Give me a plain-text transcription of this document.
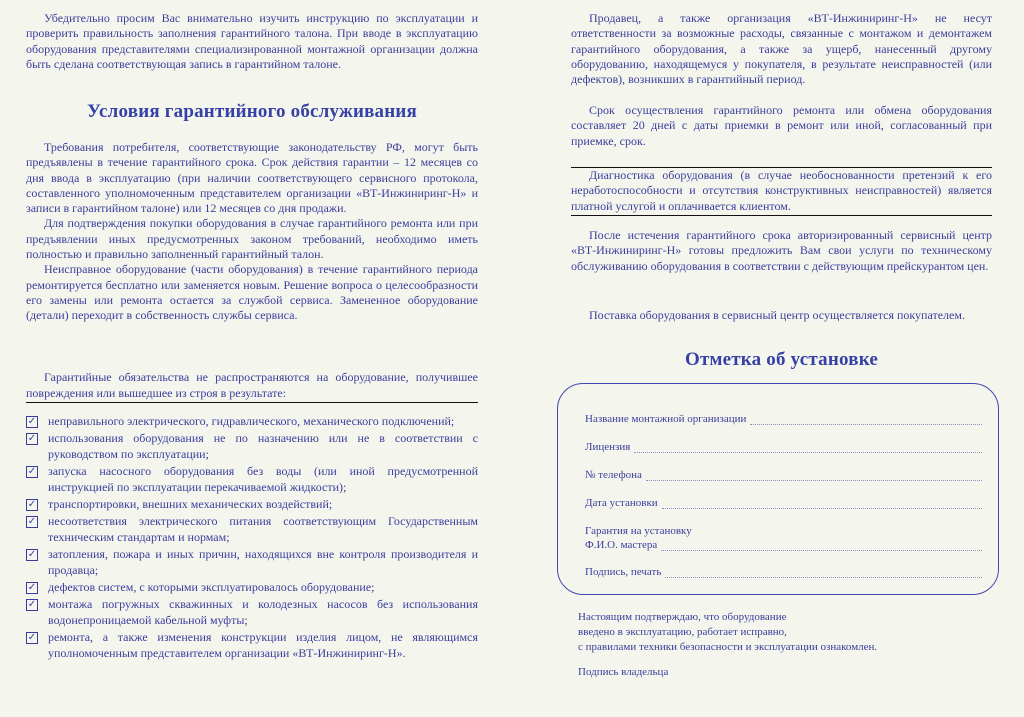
Убедительно просим Вас внимательно изучить инструкцию по эксплуатации и проверить правильность заполнения гарантийного талона. При вводе в эксплуатацию оборудования представителями специализированной монтажной организации должна быть сделана соответствующая запись в гарантийном талоне.

Условия гарантийного обслуживания

Требования потребителя, соответствующие законодательству РФ, могут быть предъявлены в течение гарантийного срока. Срок действия гарантии – 12 месяцев со дня ввода в эксплуатацию (при наличии соответствующего сервисного протокола, составленного уполномоченным представителем организации «ВТ-Инжиниринг-Н» и записи в гарантийном талоне) или 12 месяцев со дня продажи.

Для подтверждения покупки оборудования в случае гарантийного ремонта или при предъявлении иных предусмотренных законом требований, необходимо иметь полностью и правильно заполненный гарантийный талон.

Неисправное оборудование (части оборудования) в течение гарантийного периода ремонтируется бесплатно или заменяется новым. Решение вопроса о целесообразности его замены или ремонта остается за службой сервиса. Замененное оборудование (детали) переходит в собственность службы сервиса.

Гарантийные обязательства не распространяются на оборудование, получившее повреждения или вышедшее из строя в результате:
✓ неправильного электрического, гидравлического, механического подключений;
✓ использования оборудования не по назначению или не в соответствии с руководством по эксплуатации;
✓ запуска насосного оборудования без воды (или иной предусмотренной инструкцией по эксплуатации перекачиваемой жидкости);
✓ транспортировки, внешних механических воздействий;
✓ несоответствия электрического питания соответствующим Государственным техническим стандартам и нормам;
✓ затопления, пожара и иных причин, находящихся вне контроля производителя и продавца;
✓ дефектов систем, с которыми эксплуатировалось оборудование;
✓ монтажа погружных скважинных и колодезных насосов без использования водонепроницаемой кабельной муфты;
✓ ремонта, а также изменения конструкции изделия лицом, не являющимся уполномоченным представителем организации «ВТ-Инжиниринг-Н».

Продавец, а также организация «ВТ-Инжиниринг-Н» не несут ответственности за возможные расходы, связанные с монтажом и демонтажем гарантийного оборудования, а также за ущерб, нанесенный другому оборудованию, находящемуся у покупателя, в результате неисправностей (или дефектов), возникших в гарантийный период.

Срок осуществления гарантийного ремонта или обмена оборудования составляет 20 дней с даты приемки в ремонт или иной, согласованный при приемке, срок.

Диагностика оборудования (в случае необоснованности претензий к его неработоспособности и отсутствия конструктивных неисправностей) является платной услугой и оплачивается клиентом.

После истечения гарантийного срока авторизированный сервисный центр «ВТ-Инжиниринг-Н» готовы предложить Вам свои услуги по техническому обслуживанию оборудования в соответствии с действующим прейскурантом цен.

Поставка оборудования в сервисный центр осуществляется покупателем.

Отметка об установке
Название монтажной организации
Лицензия
№ телефона
Дата установки
Гарантия на установку
Ф.И.О. мастера
Подпись, печать
Настоящим подтверждаю, что оборудование
введено в эксплуатацию, работает исправно,
с правилами техники безопасности и эксплуатации ознакомлен.
Подпись владельца
